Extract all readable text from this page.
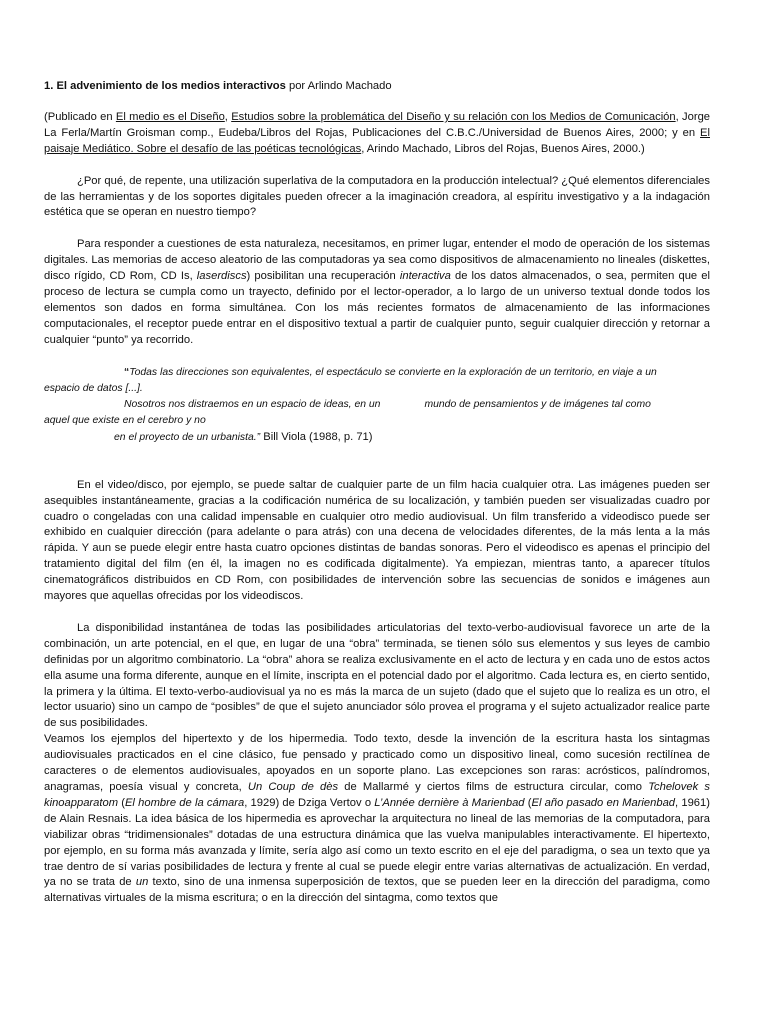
1. El advenimiento de los medios interactivos por Arlindo Machado

(Publicado en El medio es el Diseño, Estudios sobre la problemática del Diseño y su relación con los Medios de Comunicación, Jorge La Ferla/Martín Groisman comp., Eudeba/Libros del Rojas, Publicaciones del C.B.C./Universidad de Buenos Aires, 2000; y en El paisaje Mediático. Sobre el desafío de las poéticas tecnológicas, Arindo Machado, Libros del Rojas, Buenos Aires, 2000.)

¿Por qué, de repente, una utilización superlativa de la computadora en la producción intelectual? ¿Qué elementos diferenciales de las herramientas y de los soportes digitales pueden ofrecer a la imaginación creadora, al espíritu investigativo y a la indagación estética que se operan en nuestro tiempo?

Para responder a cuestiones de esta naturaleza, necesitamos, en primer lugar, entender el modo de operación de los sistemas digitales. Las memorias de acceso aleatorio de las computadoras ya sea como dispositivos de almacenamiento no lineales (diskettes, disco rígido, CD Rom, CD Is, laserdiscs) posibilitan una recuperación interactiva de los datos almacenados, o sea, permiten que el proceso de lectura se cumpla como un trayecto, definido por el lector-operador, a lo largo de un universo textual donde todos los elementos son dados en forma simultánea. Con los más recientes formatos de almacenamiento de las informaciones computacionales, el receptor puede entrar en el dispositivo textual a partir de cualquier punto, seguir cualquier dirección y retornar a cualquier “punto” ya recorrido.

“Todas las direcciones son equivalentes, el espectáculo se convierte en la exploración de un territorio, en viaje a un
espacio de datos [...].
Nosotros nos distraemos en un espacio de ideas, en un	mundo de pensamientos y de imágenes tal como
aquel que existe en el cerebro y no
en el proyecto de un urbanista.” Bill Viola (1988, p. 71)

En el video/disco, por ejemplo, se puede saltar de cualquier parte de un film hacia cualquier otra. Las imágenes pueden ser asequibles instantáneamente, gracias a la codificación numérica de su localización, y también pueden ser visualizadas cuadro por cuadro o congeladas con una calidad impensable en cualquier otro medio audiovisual. Un film transferido a videodisco puede ser exhibido en cualquier dirección (para adelante o para atrás) con una decena de velocidades diferentes, de la más lenta a la más rápida. Y aun se puede elegir entre hasta cuatro opciones distintas de bandas sonoras. Pero el videodisco es apenas el principio del tratamiento digital del film (en él, la imagen no es codificada digitalmente). Ya empiezan, mientras tanto, a aparecer títulos cinematográficos distribuidos en CD Rom, con posibilidades de intervención sobre las secuencias de sonidos e imágenes aun mayores que aquellas ofrecidas por los videodiscos.

La disponibilidad instantánea de todas las posibilidades articulatorias del texto-verbo-audiovisual favorece un arte de la combinación, un arte potencial, en el que, en lugar de una “obra” terminada, se tienen sólo sus elementos y sus leyes de cambio definidas por un algoritmo combinatorio. La “obra” ahora se realiza exclusivamente en el acto de lectura y en cada uno de estos actos ella asume una forma diferente, aunque en el límite, inscripta en el potencial dado por el algoritmo. Cada lectura es, en cierto sentido, la primera y la última. El texto-verbo-audiovisual ya no es más la marca de un sujeto (dado que el sujeto que lo realiza es un otro, el lector usuario) sino un campo de “posibles” de que el sujeto anunciador sólo provea el programa y el sujeto actualizador realice parte de sus posibilidades.

Veamos los ejemplos del hipertexto y de los hipermedia. Todo texto, desde la invención de la escritura hasta los sintagmas audiovisuales practicados en el cine clásico, fue pensado y practicado como un dispositivo lineal, como sucesión rectilínea de caracteres o de elementos audiovisuales, apoyados en un soporte plano. Las excepciones son raras: acrósticos, palíndromos, anagramas, poesía visual y concreta, Un Coup de dès de Mallarmé y ciertos films de estructura circular, como Tchelovek s kinoapparatom (El hombre de la cámara, 1929) de Dziga Vertov o L’Année dernière à Marienbad (El año pasado en Marienbad, 1961) de Alain Resnais. La idea básica de los hipermedia es aprovechar la arquitectura no lineal de las memorias de la computadora, para viabilizar obras “tridimensionales” dotadas de una estructura dinámica que las vuelva manipulables interactivamente. El hipertexto, por ejemplo, en su forma más avanzada y límite, sería algo así como un texto escrito en el eje del paradigma, o sea un texto que ya trae dentro de sí varias posibilidades de lectura y frente al cual se puede elegir entre varias alternativas de actualización. En verdad, ya no se trata de un texto, sino de una inmensa superposición de textos, que se pueden leer en la dirección del paradigma, como alternativas virtuales de la misma escritura; o en la dirección del sintagma, como textos que
